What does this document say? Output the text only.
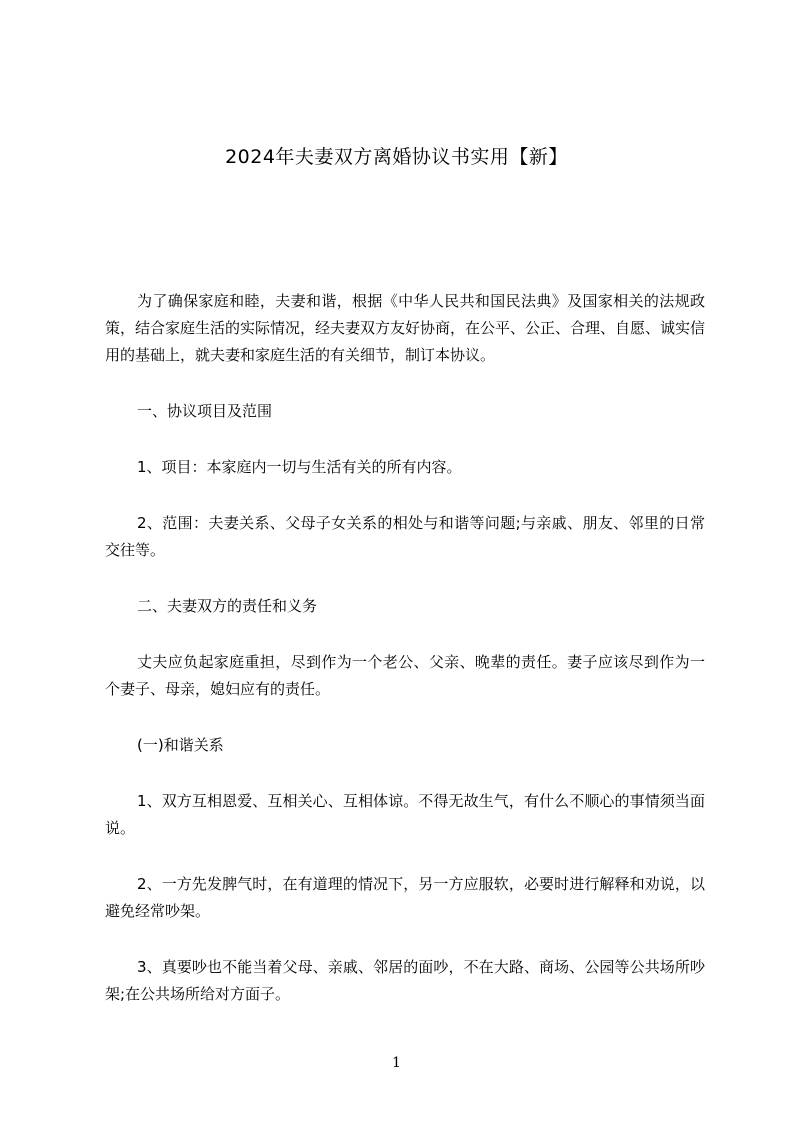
2024年夫妻双方离婚协议书实用【新】

为了确保家庭和睦，夫妻和谐，根据《中华人民共和国民法典》及国家相关的法规政策，结合家庭生活的实际情况，经夫妻双方友好协商，在公平、公正、合理、自愿、诚实信用的基础上，就夫妻和家庭生活的有关细节，制订本协议。

一、协议项目及范围

1、项目：本家庭内一切与生活有关的所有内容。

2、范围：夫妻关系、父母子女关系的相处与和谐等问题;与亲戚、朋友、邻里的日常交往等。

二、夫妻双方的责任和义务

丈夫应负起家庭重担，尽到作为一个老公、父亲、晚辈的责任。妻子应该尽到作为一个妻子、母亲，媳妇应有的责任。

(一)和谐关系

1、双方互相恩爱、互相关心、互相体谅。不得无故生气，有什么不顺心的事情须当面说。

2、一方先发脾气时，在有道理的情况下，另一方应服软，必要时进行解释和劝说，以避免经常吵架。

3、真要吵也不能当着父母、亲戚、邻居的面吵，不在大路、商场、公园等公共场所吵架;在公共场所给对方面子。

1
